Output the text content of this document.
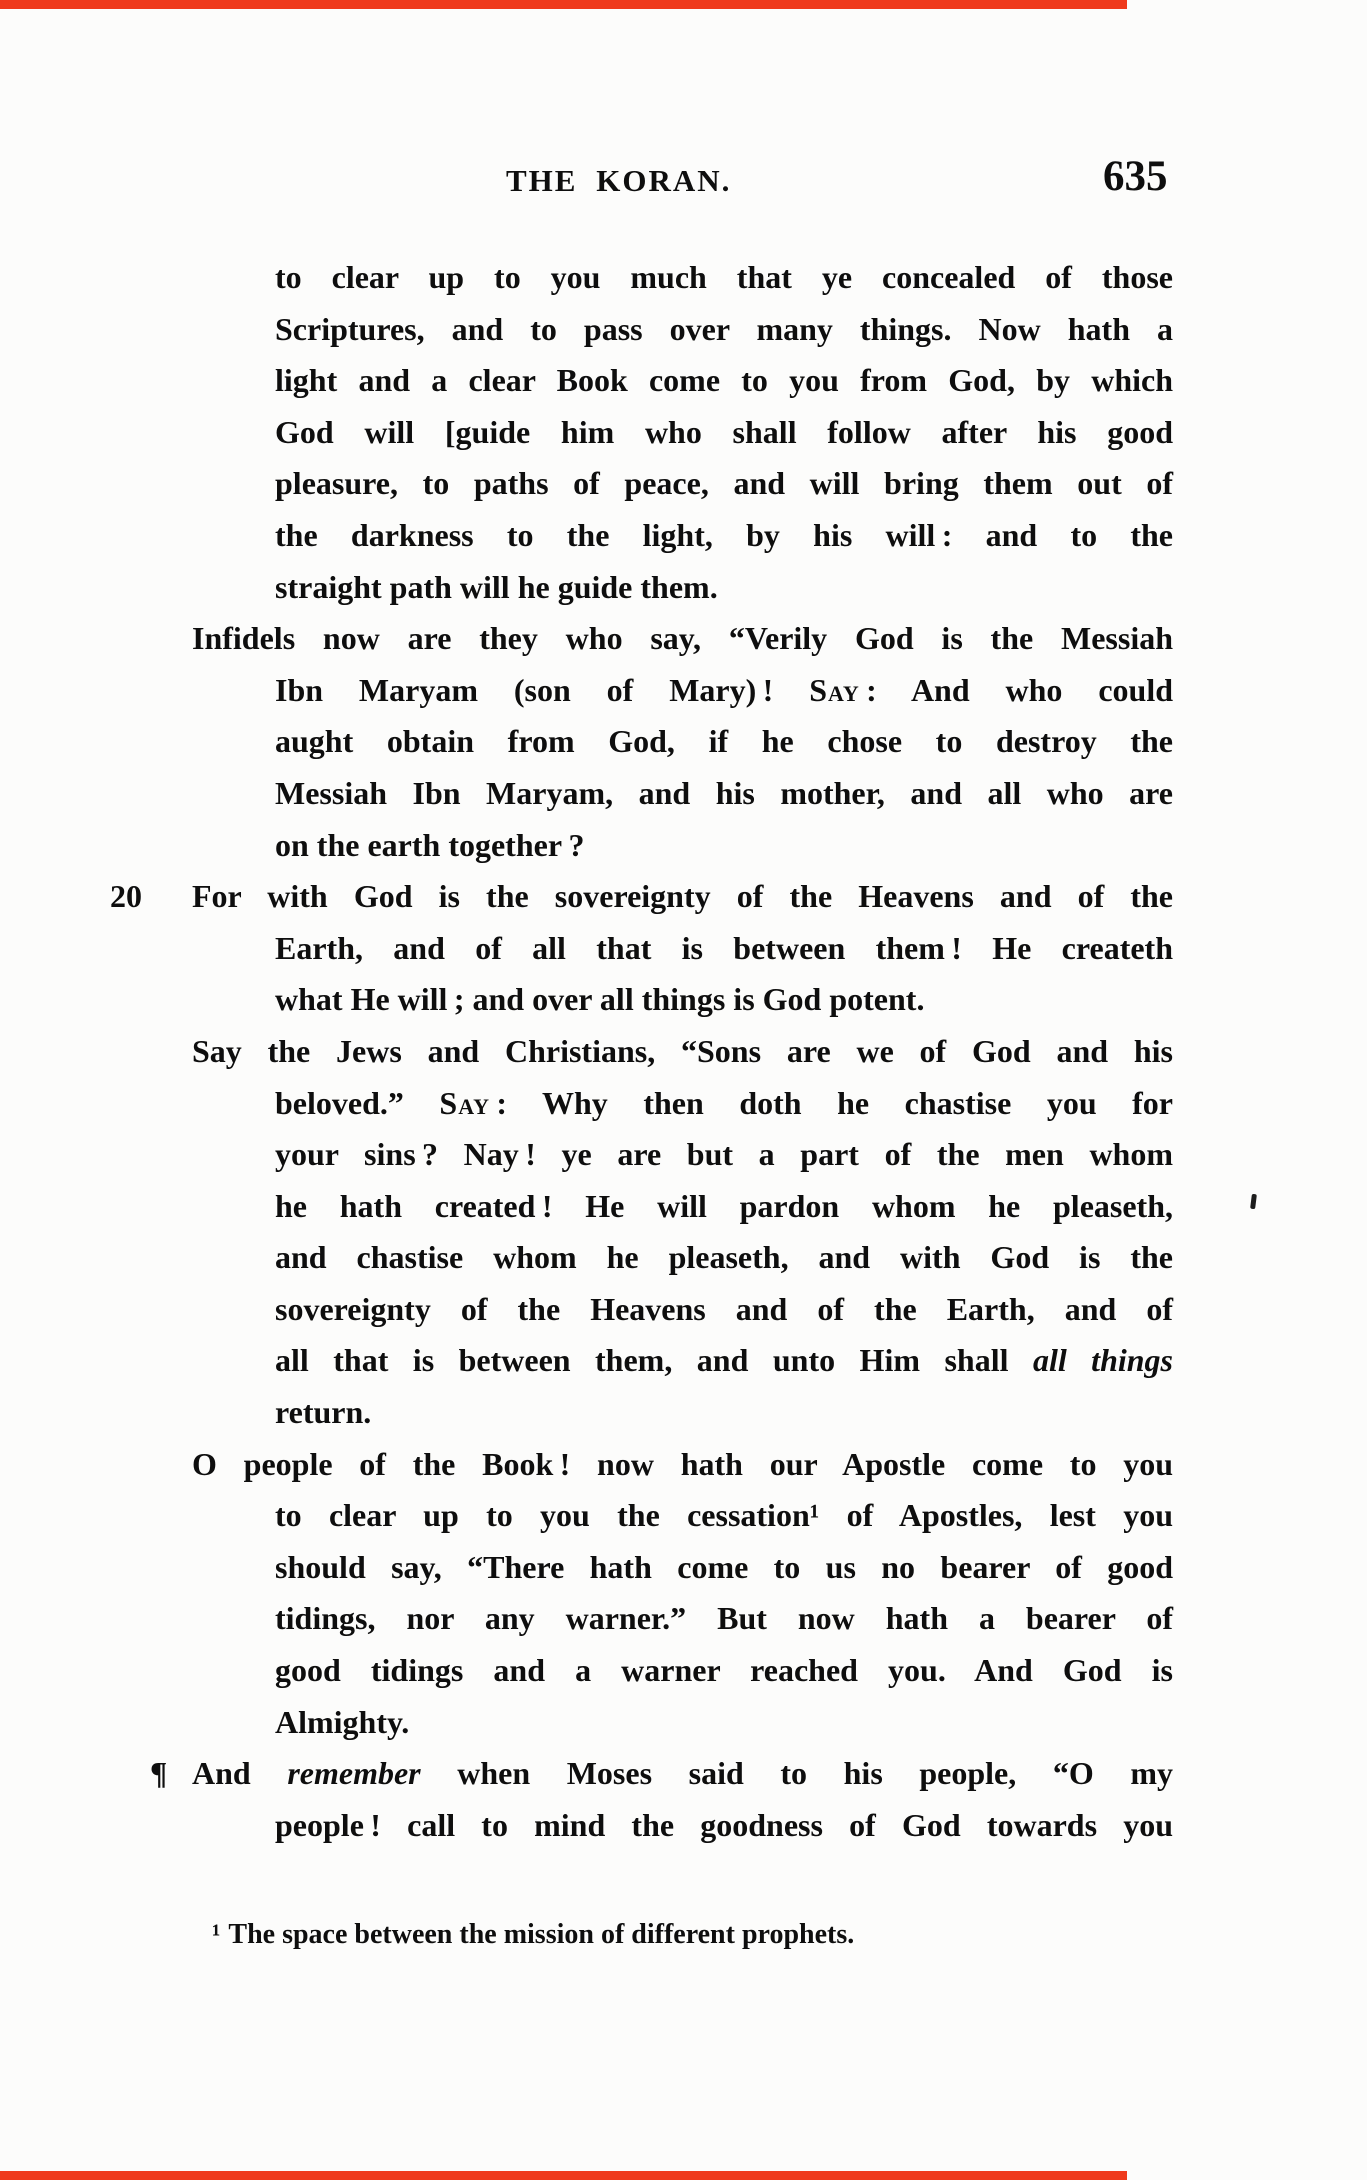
THE KORAN.	635
to clear up to you much that ye concealed of those
Scriptures, and to pass over many things. Now hath a
light and a clear Book come to you from God, by which
God will [guide him who shall follow after his good
pleasure, to paths of peace, and will bring them out of
the darkness to the light, by his will : and to the
straight path will he guide them.
Infidels now are they who say, “Verily God is the Messiah
Ibn Maryam (son of Mary) ! Say : And who could
aught obtain from God, if he chose to destroy the
Messiah Ibn Maryam, and his mother, and all who are
on the earth together ?
20 For with God is the sovereignty of the Heavens and of the
Earth, and of all that is between them ! He createth
what He will ; and over all things is God potent.
Say the Jews and Christians, “Sons are we of God and his
beloved.” Say : Why then doth he chastise you for
your sins ? Nay ! ye are but a part of the men whom
he hath created ! He will pardon whom he pleaseth,
and chastise whom he pleaseth, and with God is the
sovereignty of the Heavens and of the Earth, and of
all that is between them, and unto Him shall all things
return.
O people of the Book ! now hath our Apostle come to you
to clear up to you the cessation¹ of Apostles, lest you
should say, “There hath come to us no bearer of good
tidings, nor any warner.” But now hath a bearer of
good tidings and a warner reached you. And God is
Almighty.
¶ And remember when Moses said to his people, “O my
people ! call to mind the goodness of God towards you
¹ The space between the mission of different prophets.
